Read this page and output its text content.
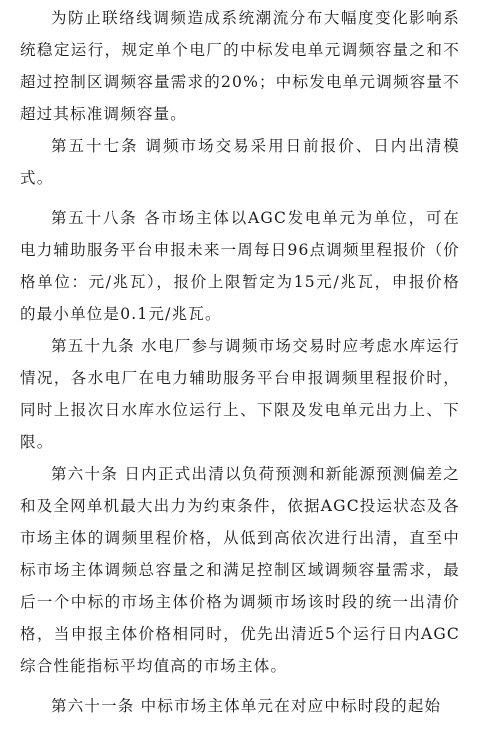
为防止联络线调频造成系统潮流分布大幅度变化影响系统稳定运行，规定单个电厂的中标发电单元调频容量之和不超过控制区调频容量需求的20%；中标发电单元调频容量不超过其标准调频容量。

第五十七条 调频市场交易采用日前报价、日内出清模式。

第五十八条 各市场主体以AGC发电单元为单位，可在电力辅助服务平台申报未来一周每日96点调频里程报价（价格单位：元/兆瓦），报价上限暂定为15元/兆瓦，申报价格的最小单位是0.1元/兆瓦。

第五十九条 水电厂参与调频市场交易时应考虑水库运行情况，各水电厂在电力辅助服务平台申报调频里程报价时，同时上报次日水库水位运行上、下限及发电单元出力上、下限。

第六十条 日内正式出清以负荷预测和新能源预测偏差之和及全网单机最大出力为约束条件，依据AGC投运状态及各市场主体的调频里程价格，从低到高依次进行出清，直至中标市场主体调频总容量之和满足控制区域调频容量需求，最后一个中标的市场主体价格为调频市场该时段的统一出清价格，当申报主体价格相同时，优先出清近5个运行日内AGC综合性能指标平均值高的市场主体。

第六十一条 中标市场主体单元在对应中标时段的起始
